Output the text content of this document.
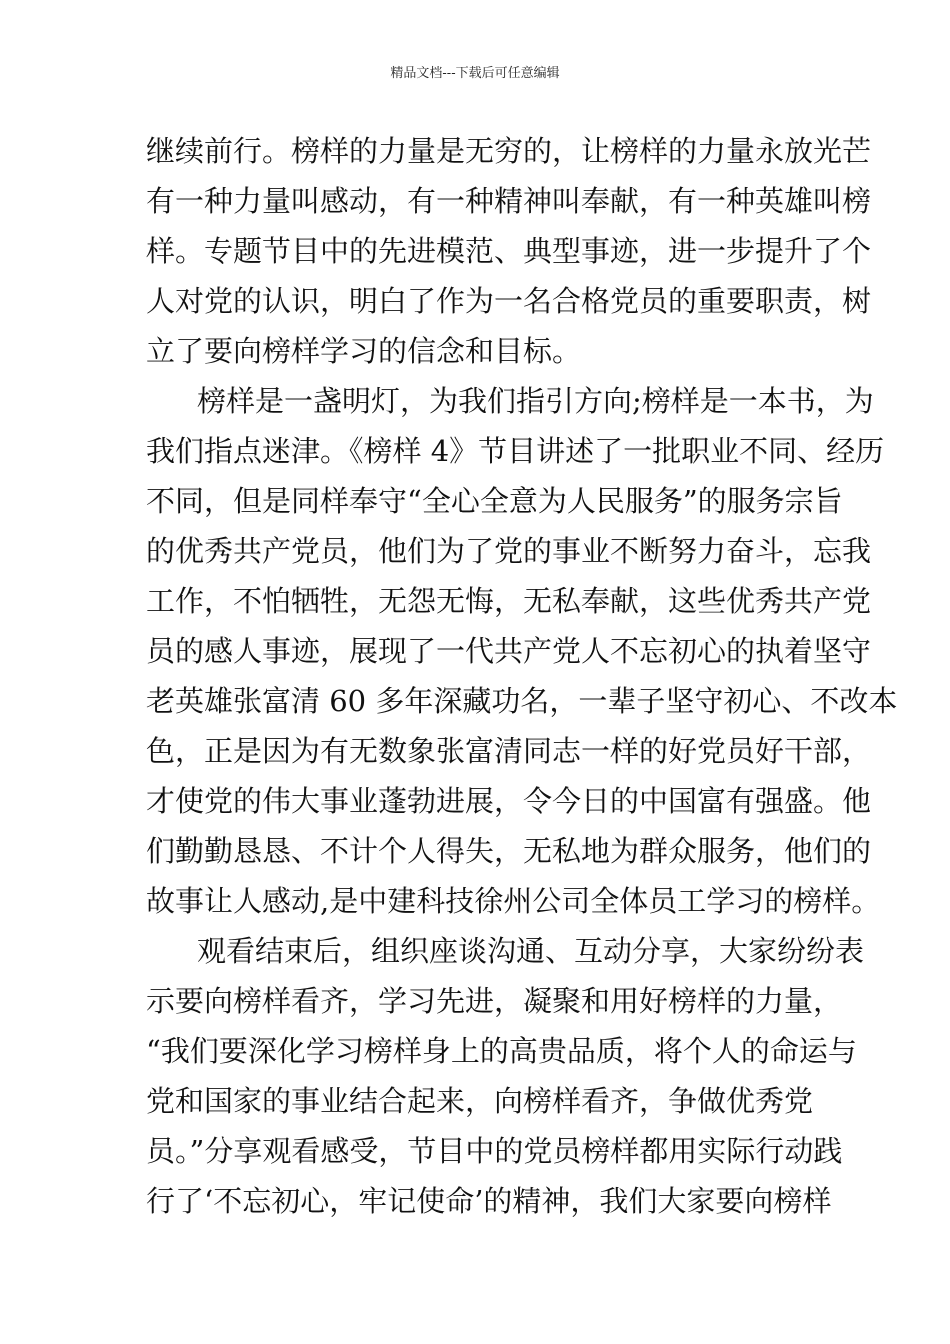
精品文档---下载后可任意编辑
继续前行。榜样的力量是无穷的，让榜样的力量永放光芒
有一种力量叫感动，有一种精神叫奉献，有一种英雄叫榜
样。专题节目中的先进模范、典型事迹，进一步提升了个
人对党的认识，明白了作为一名合格党员的重要职责，树
立了要向榜样学习的信念和目标。
榜样是一盏明灯，为我们指引方向;榜样是一本书，为
我们指点迷津。《榜样 4》节目讲述了一批职业不同、经历
不同，但是同样奉守“全心全意为人民服务”的服务宗旨
的优秀共产党员，他们为了党的事业不断努力奋斗，忘我
工作，不怕牺牲，无怨无悔，无私奉献，这些优秀共产党
员的感人事迹，展现了一代共产党人不忘初心的执着坚守
老英雄张富清 60 多年深藏功名，一辈子坚守初心、不改本
色，正是因为有无数象张富清同志一样的好党员好干部，
才使党的伟大事业蓬勃进展，令今日的中国富有强盛。他
们勤勤恳恳、不计个人得失，无私地为群众服务，他们的
故事让人感动,是中建科技徐州公司全体员工学习的榜样。
观看结束后，组织座谈沟通、互动分享，大家纷纷表
示要向榜样看齐，学习先进，凝聚和用好榜样的力量，
“我们要深化学习榜样身上的高贵品质，将个人的命运与
党和国家的事业结合起来，向榜样看齐，争做优秀党
员。”分享观看感受，节目中的党员榜样都用实际行动践
行了‘不忘初心，牢记使命’的精神，我们大家要向榜样
